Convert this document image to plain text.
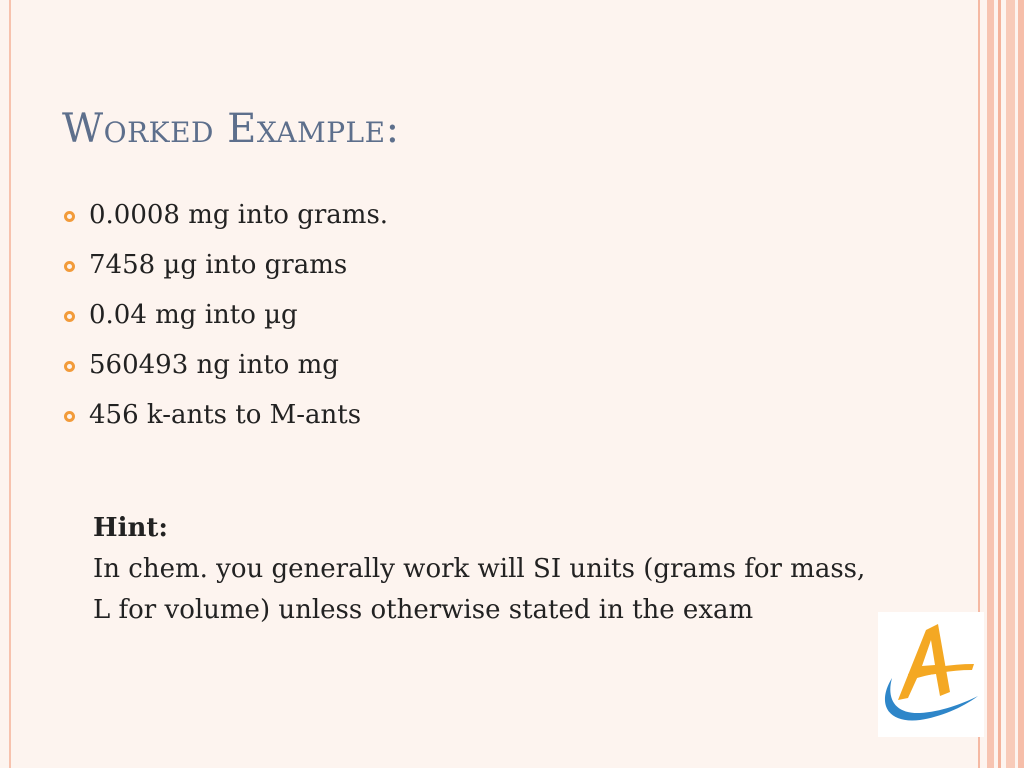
Worked Example:
0.0008 mg into grams.
7458 µg into grams
0.04 mg into µg
560493 ng into mg
456 k-ants to M-ants
Hint:
In chem. you generally work will SI units (grams for mass, L for volume) unless otherwise stated in the exam
